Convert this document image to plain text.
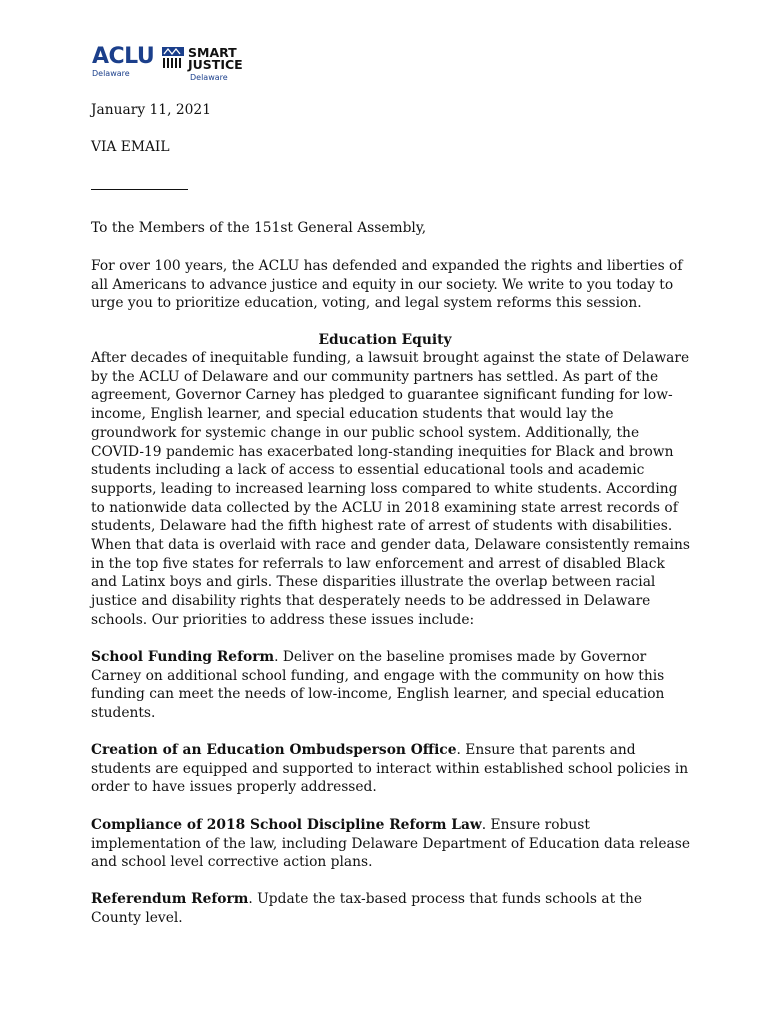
ACLU
Delaware
SMART
JUSTICE
Delaware

January 11, 2021

VIA EMAIL

To the Members of the 151st General Assembly,

For over 100 years, the ACLU has defended and expanded the rights and liberties of all Americans to advance justice and equity in our society. We write to you today to urge you to prioritize education, voting, and legal system reforms this session.

Education Equity

After decades of inequitable funding, a lawsuit brought against the state of Delaware by the ACLU of Delaware and our community partners has settled. As part of the agreement, Governor Carney has pledged to guarantee significant funding for low-income, English learner, and special education students that would lay the groundwork for systemic change in our public school system. Additionally, the COVID-19 pandemic has exacerbated long-standing inequities for Black and brown students including a lack of access to essential educational tools and academic supports, leading to increased learning loss compared to white students. According to nationwide data collected by the ACLU in 2018 examining state arrest records of students, Delaware had the fifth highest rate of arrest of students with disabilities. When that data is overlaid with race and gender data, Delaware consistently remains in the top five states for referrals to law enforcement and arrest of disabled Black and Latinx boys and girls. These disparities illustrate the overlap between racial justice and disability rights that desperately needs to be addressed in Delaware schools. Our priorities to address these issues include:

School Funding Reform. Deliver on the baseline promises made by Governor Carney on additional school funding, and engage with the community on how this funding can meet the needs of low-income, English learner, and special education students.

Creation of an Education Ombudsperson Office. Ensure that parents and students are equipped and supported to interact within established school policies in order to have issues properly addressed.

Compliance of 2018 School Discipline Reform Law. Ensure robust implementation of the law, including Delaware Department of Education data release and school level corrective action plans.

Referendum Reform. Update the tax-based process that funds schools at the County level.
